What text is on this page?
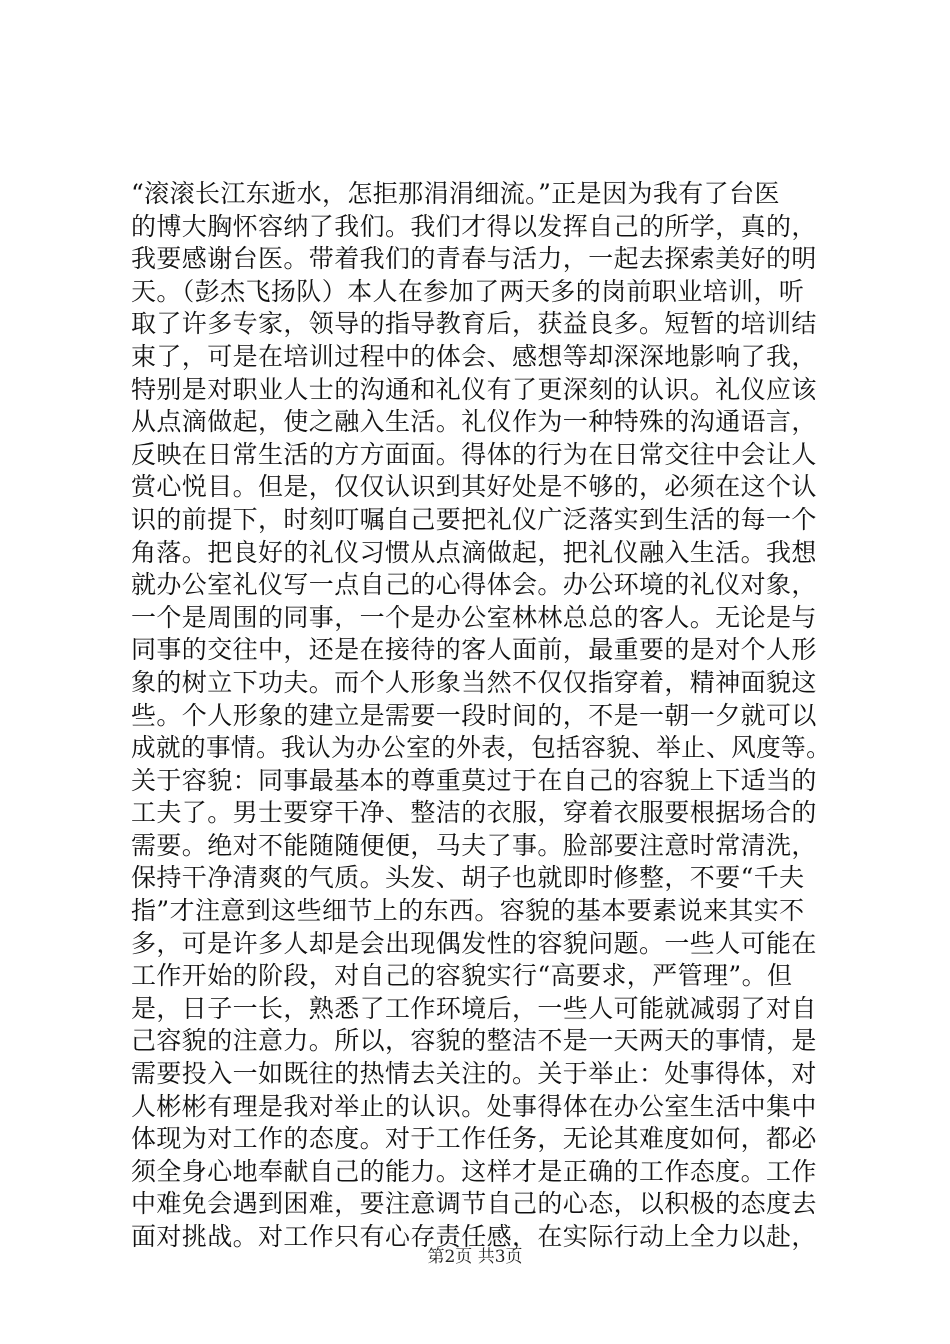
“滚滚长江东逝水，怎拒那涓涓细流。”正是因为我有了台医
的博大胸怀容纳了我们。我们才得以发挥自己的所学，真的，
我要感谢台医。带着我们的青春与活力，一起去探索美好的明
天。（彭杰飞扬队）本人在参加了两天多的岗前职业培训，听
取了许多专家，领导的指导教育后，获益良多。短暂的培训结
束了，可是在培训过程中的体会、感想等却深深地影响了我，
特别是对职业人士的沟通和礼仪有了更深刻的认识。礼仪应该
从点滴做起，使之融入生活。礼仪作为一种特殊的沟通语言，
反映在日常生活的方方面面。得体的行为在日常交往中会让人
赏心悦目。但是，仅仅认识到其好处是不够的，必须在这个认
识的前提下，时刻叮嘱自己要把礼仪广泛落实到生活的每一个
角落。把良好的礼仪习惯从点滴做起，把礼仪融入生活。我想
就办公室礼仪写一点自己的心得体会。办公环境的礼仪对象，
一个是周围的同事，一个是办公室林林总总的客人。无论是与
同事的交往中，还是在接待的客人面前，最重要的是对个人形
象的树立下功夫。而个人形象当然不仅仅指穿着，精神面貌这
些。个人形象的建立是需要一段时间的，不是一朝一夕就可以
成就的事情。我认为办公室的外表，包括容貌、举止、风度等。
关于容貌：同事最基本的尊重莫过于在自己的容貌上下适当的
工夫了。男士要穿干净、整洁的衣服，穿着衣服要根据场合的
需要。绝对不能随随便便，马夫了事。脸部要注意时常清洗，
保持干净清爽的气质。头发、胡子也就即时修整，不要“千夫
指”才注意到这些细节上的东西。容貌的基本要素说来其实不
多，可是许多人却是会出现偶发性的容貌问题。一些人可能在
工作开始的阶段，对自己的容貌实行“高要求，严管理”。但
是，日子一长，熟悉了工作环境后，一些人可能就减弱了对自
己容貌的注意力。所以，容貌的整洁不是一天两天的事情，是
需要投入一如既往的热情去关注的。关于举止：处事得体，对
人彬彬有理是我对举止的认识。处事得体在办公室生活中集中
体现为对工作的态度。对于工作任务，无论其难度如何，都必
须全身心地奉献自己的能力。这样才是正确的工作态度。工作
中难免会遇到困难，要注意调节自己的心态，以积极的态度去
面对挑战。对工作只有心存责任感，在实际行动上全力以赴，
第2页 共3页
